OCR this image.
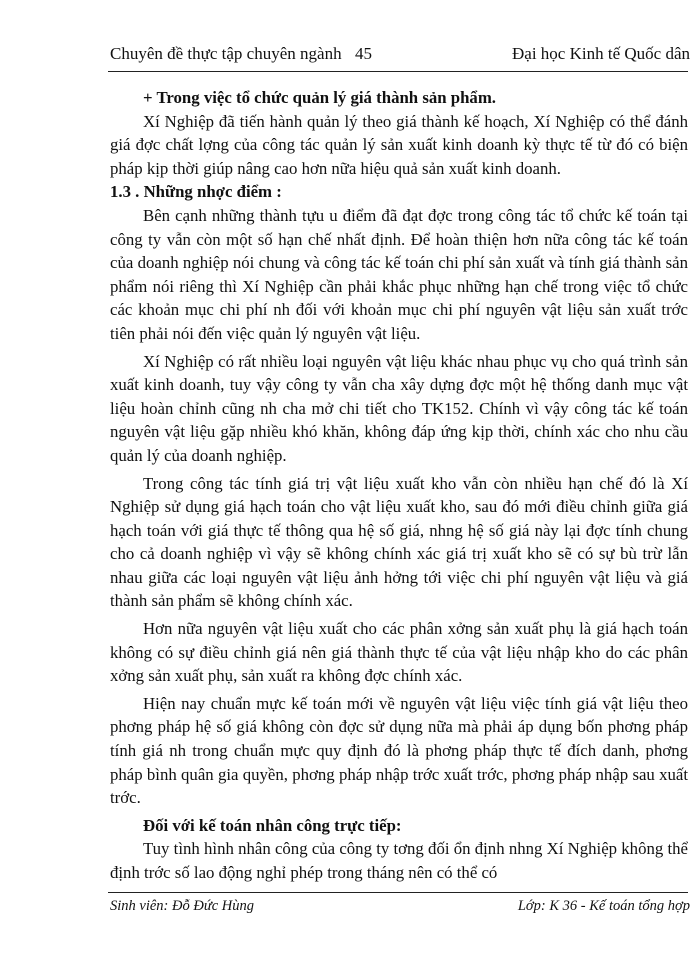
Chuyên đề thực tập chuyên ngành 45	Đại học Kinh tế Quốc dân

+ Trong việc tổ chức quản lý giá thành sản phẩm.

Xí Nghiệp đã tiến hành quản lý theo giá thành kế hoạch, Xí Nghiệp có thể đánh giá đợc chất lợng của công tác quản lý sản xuất kinh doanh kỳ thực tế từ đó có biện pháp kịp thời giúp nâng cao hơn nữa hiệu quả sản xuất kinh doanh.

1.3 . Những nhợc điểm :

Bên cạnh những thành tựu u điểm đã đạt đợc trong công tác tổ chức kế toán tại công ty vẫn còn một số hạn chế nhất định. Để hoàn thiện hơn nữa công tác kế toán của doanh nghiệp nói chung và công tác kế toán chi phí sản xuất và tính giá thành sản phẩm nói riêng thì Xí Nghiệp cần phải khắc phục những hạn chế trong việc tổ chức các khoản mục chi phí nh đối với khoản mục chi phí nguyên vật liệu sản xuất trớc tiên phải nói đến việc quản lý nguyên vật liệu.

Xí Nghiệp có rất nhiều loại nguyên vật liệu khác nhau phục vụ cho quá trình sản xuất kinh doanh, tuy vậy công ty vẫn cha xây dựng đợc một hệ thống danh mục vật liệu hoàn chỉnh cũng nh cha mở chi tiết cho TK152. Chính vì vậy công tác kế toán nguyên vật liệu gặp nhiều khó khăn, không đáp ứng kịp thời, chính xác cho nhu cầu quản lý của doanh nghiệp.

Trong công tác tính giá trị vật liệu xuất kho vẫn còn nhiều hạn chế đó là Xí Nghiệp sử dụng giá hạch toán cho vật liệu xuất kho, sau đó mới điều chỉnh giữa giá hạch toán với giá thực tế thông qua hệ số giá, nhng hệ số giá này lại đợc tính chung cho cả doanh nghiệp vì vậy sẽ không chính xác giá trị xuất kho sẽ có sự bù trừ lẫn nhau giữa các loại nguyên vật liệu ảnh hởng tới việc chi phí nguyên vật liệu và giá thành sản phẩm sẽ không chính xác.

Hơn nữa nguyên vật liệu xuất cho các phân xởng sản xuất phụ là giá hạch toán không có sự điều chỉnh giá nên giá thành thực tế của vật liệu nhập kho do các phân xởng sản xuất phụ, sản xuất ra không đợc chính xác.

Hiện nay chuẩn mực kế toán mới về nguyên vật liệu việc tính giá vật liệu theo phơng pháp hệ số giá không còn đợc sử dụng nữa mà phải áp dụng bốn phơng pháp tính giá nh trong chuẩn mực quy định đó là phơng pháp thực tế đích danh, phơng pháp bình quân gia quyền, phơng pháp nhập trớc xuất trớc, phơng pháp nhập sau xuất trớc.

Đối với kế toán nhân công trực tiếp:

Tuy tình hình nhân công của công ty tơng đối ổn định nhng Xí Nghiệp không thể định trớc số lao động nghỉ phép trong tháng nên có thể có

Sinh viên: Đỗ Đức Hùng	Lớp: K 36 - Kế toán tổng hợp
